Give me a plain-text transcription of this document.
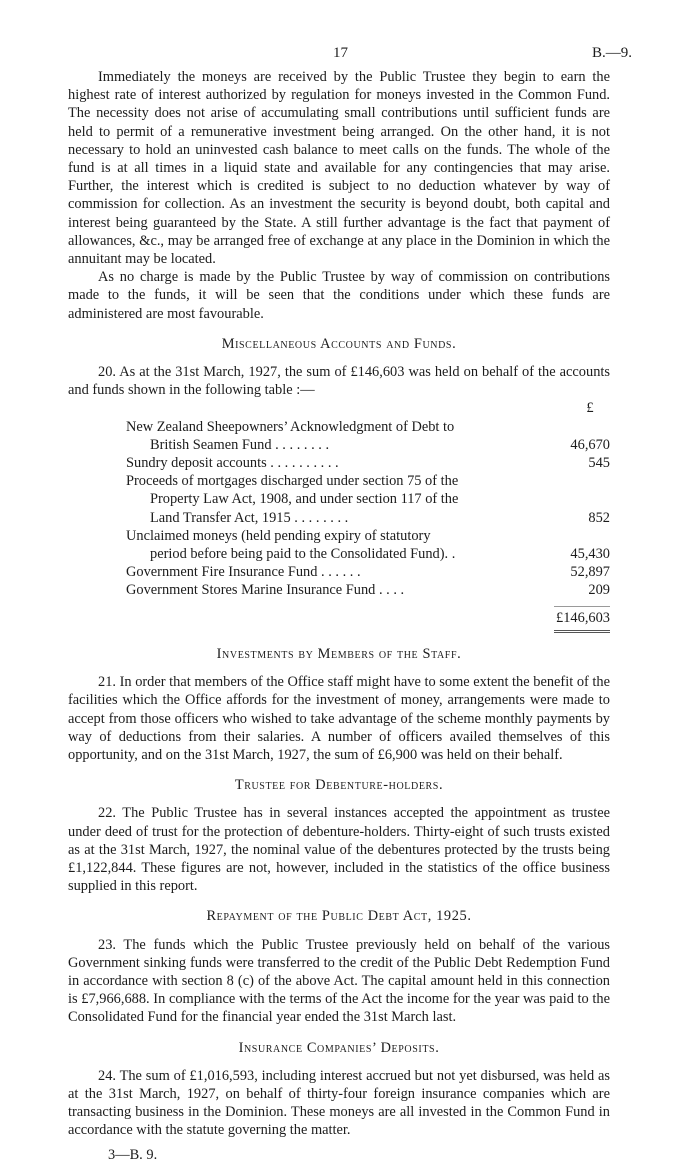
17	B.—9.

Immediately the moneys are received by the Public Trustee they begin to earn the highest rate of interest authorized by regulation for moneys invested in the Common Fund. The necessity does not arise of accumulating small contributions until sufficient funds are held to permit of a remunerative investment being arranged. On the other hand, it is not necessary to hold an uninvested cash balance to meet calls on the funds. The whole of the fund is at all times in a liquid state and available for any contingencies that may arise. Further, the interest which is credited is subject to no deduction whatever by way of commission for collection. As an investment the security is beyond doubt, both capital and interest being guaranteed by the State. A still further advantage is the fact that payment of allowances, &c., may be arranged free of exchange at any place in the Dominion in which the annuitant may be located.

As no charge is made by the Public Trustee by way of commission on contributions made to the funds, it will be seen that the conditions under which these funds are administered are most favourable.

Miscellaneous Accounts and Funds.

20. As at the 31st March, 1927, the sum of £146,603 was held on behalf of the accounts and funds shown in the following table :—

£
New Zealand Sheepowners’ Acknowledgment of Debt to
British Seamen Fund . . . . . . . .	46,670
Sundry deposit accounts . . . . . . . . . .	545
Proceeds of mortgages discharged under section 75 of the
Property Law Act, 1908, and under section 117 of the
Land Transfer Act, 1915 . . . . . . . .	852
Unclaimed moneys (held pending expiry of statutory
period before being paid to the Consolidated Fund). .	45,430
Government Fire Insurance Fund . . . . . .	52,897
Government Stores Marine Insurance Fund . . . .	209
£146,603
Investments by Members of the Staff.

21. In order that members of the Office staff might have to some extent the benefit of the facilities which the Office affords for the investment of money, arrangements were made to accept from those officers who wished to take advantage of the scheme monthly payments by way of deductions from their salaries. A number of officers availed themselves of this opportunity, and on the 31st March, 1927, the sum of £6,900 was held on their behalf.

Trustee for Debenture-holders.

22. The Public Trustee has in several instances accepted the appointment as trustee under deed of trust for the protection of debenture-holders. Thirty-eight of such trusts existed as at the 31st March, 1927, the nominal value of the debentures protected by the trusts being £1,122,844. These figures are not, however, included in the statistics of the office business supplied in this report.

Repayment of the Public Debt Act, 1925.

23. The funds which the Public Trustee previously held on behalf of the various Government sinking funds were transferred to the credit of the Public Debt Redemption Fund in accordance with section 8 (c) of the above Act. The capital amount held in this connection is £7,966,688. In compliance with the terms of the Act the income for the year was paid to the Consolidated Fund for the financial year ended the 31st March last.

Insurance Companies’ Deposits.

24. The sum of £1,016,593, including interest accrued but not yet disbursed, was held as at the 31st March, 1927, on behalf of thirty-four foreign insurance companies which are transacting business in the Dominion. These moneys are all invested in the Common Fund in accordance with the statute governing the matter.

3—B. 9.
